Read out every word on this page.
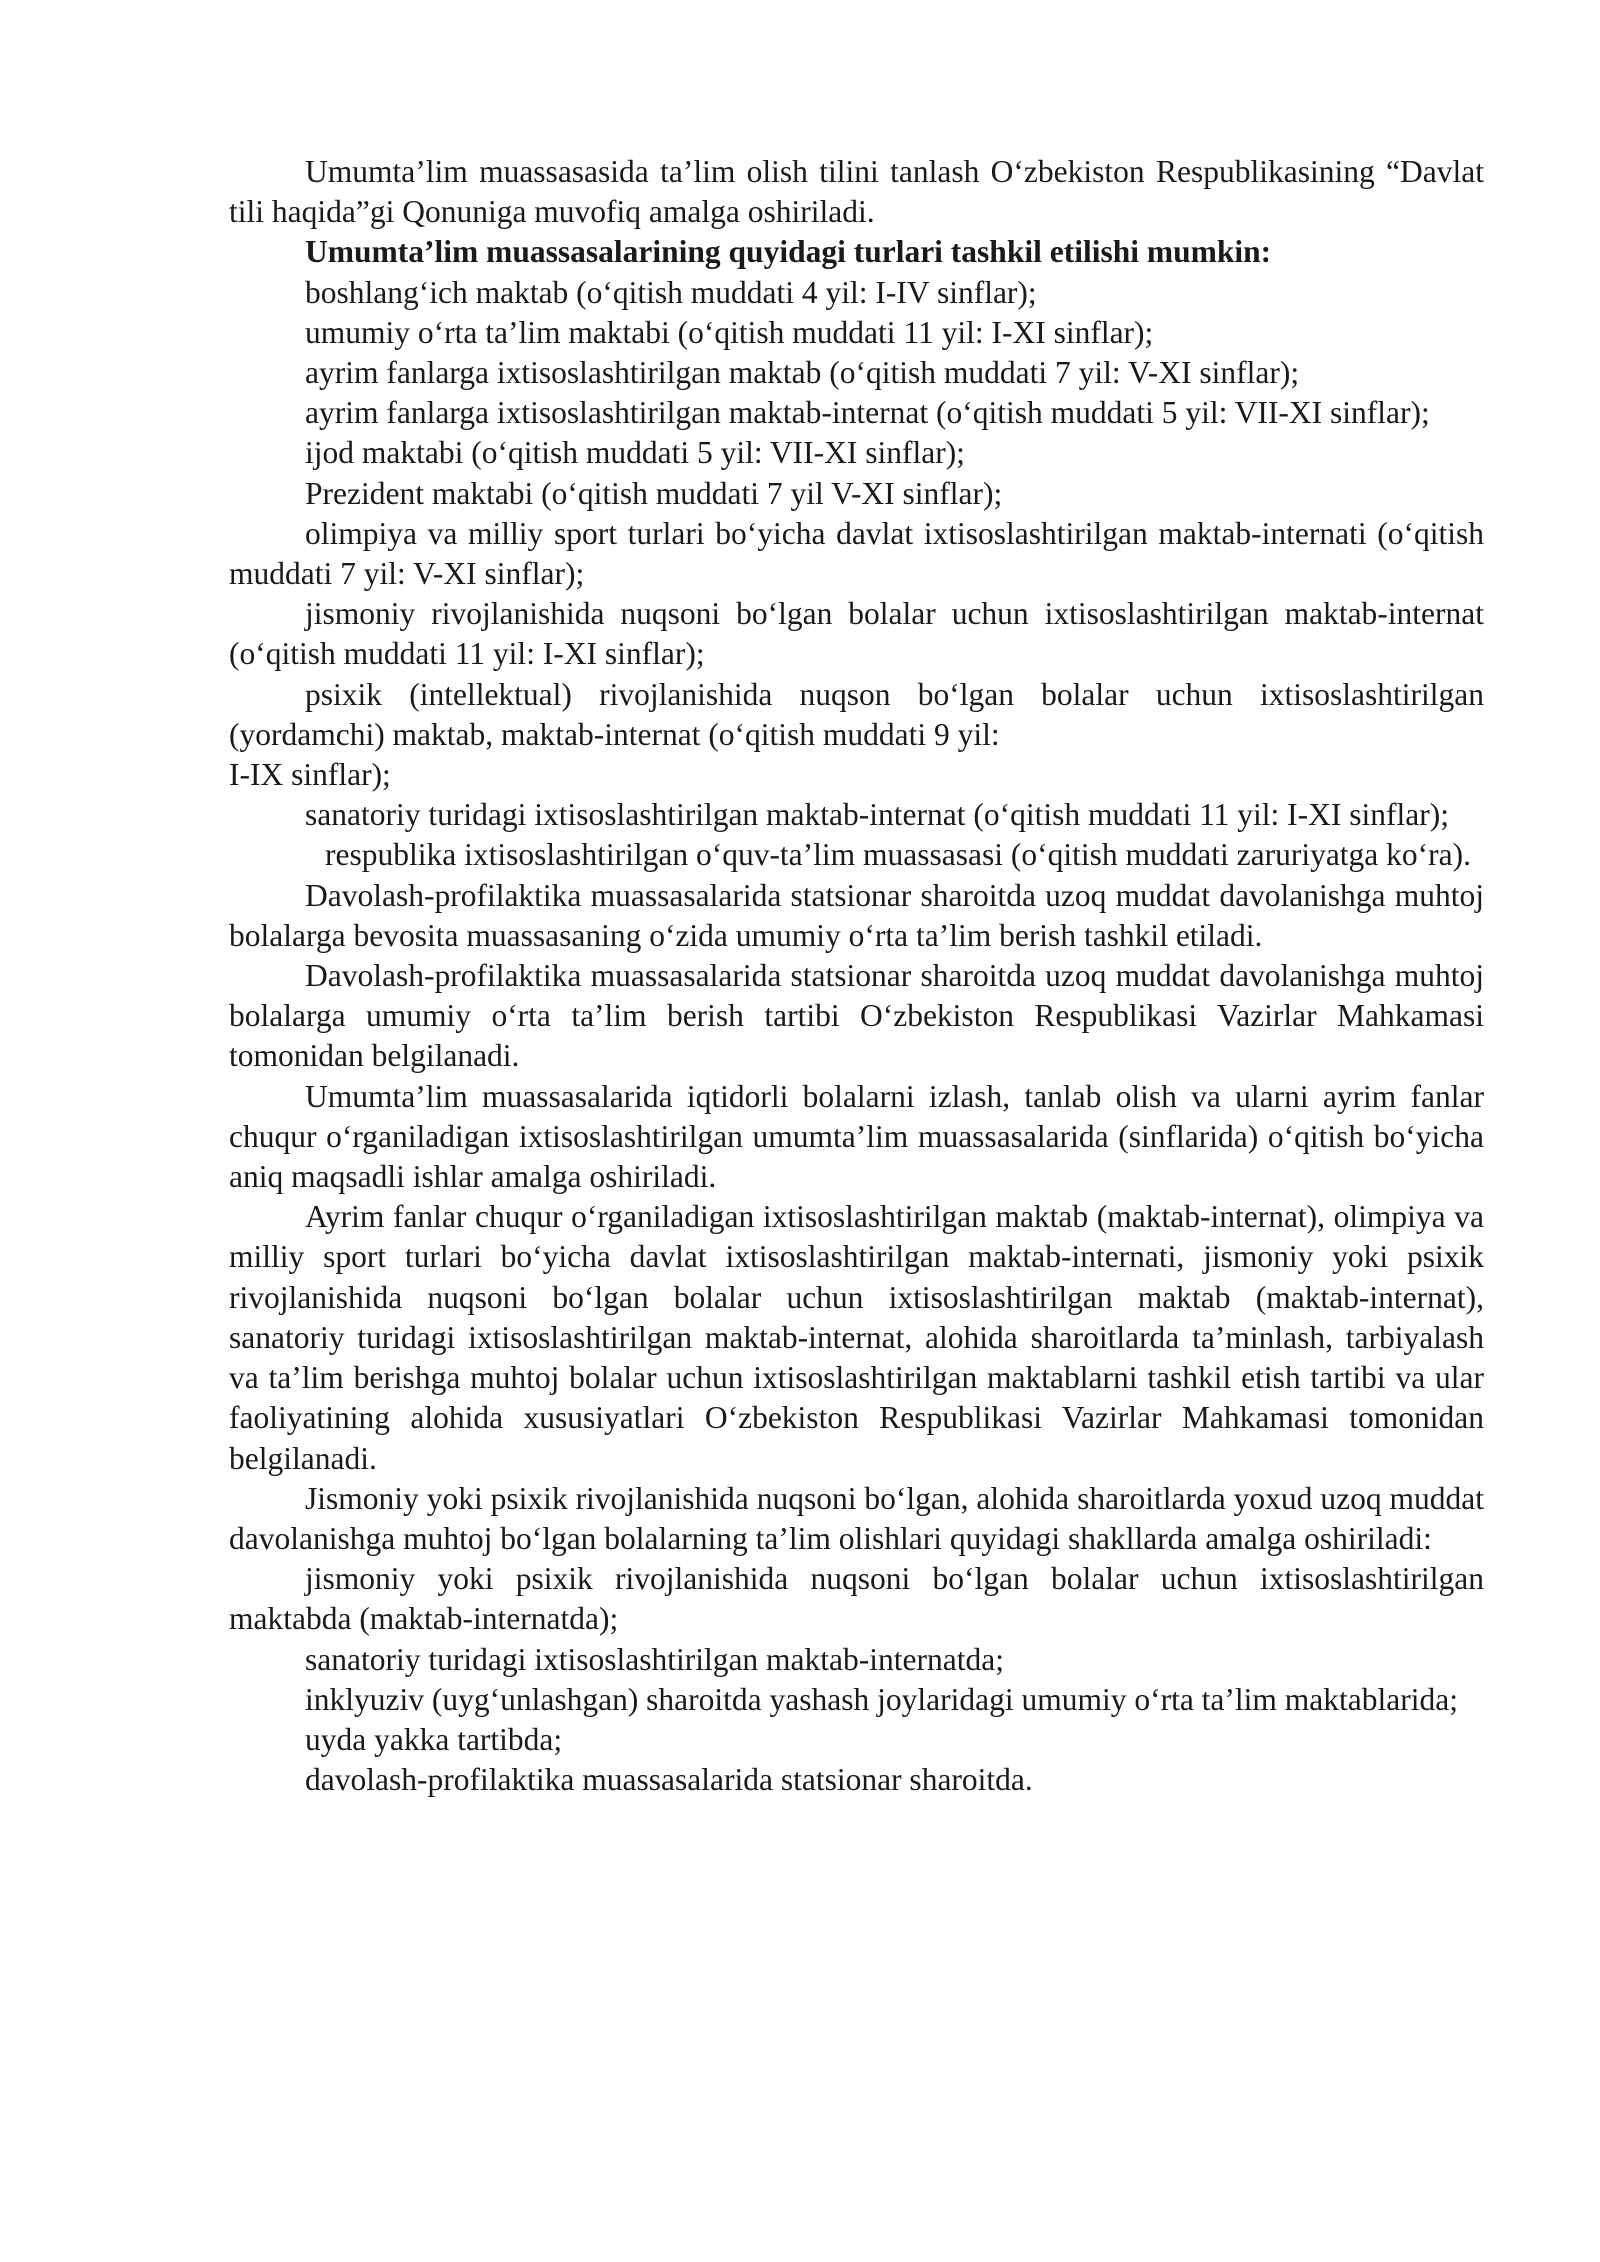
Umumta’lim muassasasida ta’lim olish tilini tanlash O‘zbekiston Respublikasining “Davlat tili haqida”gi Qonuniga muvofiq amalga oshiriladi.

Umumta’lim muassasalarining quyidagi turlari tashkil etilishi mumkin:

boshlang‘ich maktab (o‘qitish muddati 4 yil: I-IV sinflar);

umumiy o‘rta ta’lim maktabi (o‘qitish muddati 11 yil: I-XI sinflar);

ayrim fanlarga ixtisoslashtirilgan maktab (o‘qitish muddati 7 yil: V-XI sinflar);

ayrim fanlarga ixtisoslashtirilgan maktab-internat (o‘qitish muddati 5 yil: VII-XI sinflar);

ijod maktabi (o‘qitish muddati 5 yil: VII-XI sinflar);

Prezident maktabi (o‘qitish muddati 7 yil V-XI sinflar);

olimpiya va milliy sport turlari bo‘yicha davlat ixtisoslashtirilgan maktab-internati (o‘qitish muddati 7 yil: V-XI sinflar);

jismoniy rivojlanishida nuqsoni bo‘lgan bolalar uchun ixtisoslashtirilgan maktab-internat (o‘qitish muddati 11 yil: I-XI sinflar);

psixik (intellektual) rivojlanishida nuqson bo‘lgan bolalar uchun ixtisoslashtirilgan (yordamchi) maktab, maktab-internat (o‘qitish muddati 9 yil:

I-IX sinflar);

sanatoriy turidagi ixtisoslashtirilgan maktab-internat (o‘qitish muddati 11 yil: I-XI sinflar);

respublika ixtisoslashtirilgan o‘quv-ta’lim muassasasi (o‘qitish muddati zaruriyatga ko‘ra).

Davolash-profilaktika muassasalarida statsionar sharoitda uzoq muddat davolanishga muhtoj bolalarga bevosita muassasaning o‘zida umumiy o‘rta ta’lim berish tashkil etiladi.

Davolash-profilaktika muassasalarida statsionar sharoitda uzoq muddat davolanishga muhtoj bolalarga umumiy o‘rta ta’lim berish tartibi O‘zbekiston Respublikasi Vazirlar Mahkamasi tomonidan belgilanadi.

Umumta’lim muassasalarida iqtidorli bolalarni izlash, tanlab olish va ularni ayrim fanlar chuqur o‘rganiladigan ixtisoslashtirilgan umumta’lim muassasalarida (sinflarida) o‘qitish bo‘yicha aniq maqsadli ishlar amalga oshiriladi.

Ayrim fanlar chuqur o‘rganiladigan ixtisoslashtirilgan maktab (maktab-internat), olimpiya va milliy sport turlari bo‘yicha davlat ixtisoslashtirilgan maktab-internati, jismoniy yoki psixik rivojlanishida nuqsoni bo‘lgan bolalar uchun ixtisoslashtirilgan maktab (maktab-internat), sanatoriy turidagi ixtisoslashtirilgan maktab-internat, alohida sharoitlarda ta’minlash, tarbiyalash va ta’lim berishga muhtoj bolalar uchun ixtisoslashtirilgan maktablarni tashkil etish tartibi va ular faoliyatining alohida xususiyatlari O‘zbekiston Respublikasi Vazirlar Mahkamasi tomonidan belgilanadi.

Jismoniy yoki psixik rivojlanishida nuqsoni bo‘lgan, alohida sharoitlarda yoxud uzoq muddat davolanishga muhtoj bo‘lgan bolalarning ta’lim olishlari quyidagi shakllarda amalga oshiriladi:

jismoniy yoki psixik rivojlanishida nuqsoni bo‘lgan bolalar uchun ixtisoslashtirilgan maktabda (maktab-internatda);

sanatoriy turidagi ixtisoslashtirilgan maktab-internatda;

inklyuziv (uyg‘unlashgan) sharoitda yashash joylaridagi umumiy o‘rta ta’lim maktablarida;

uyda yakka tartibda;

davolash-profilaktika muassasalarida statsionar sharoitda.
